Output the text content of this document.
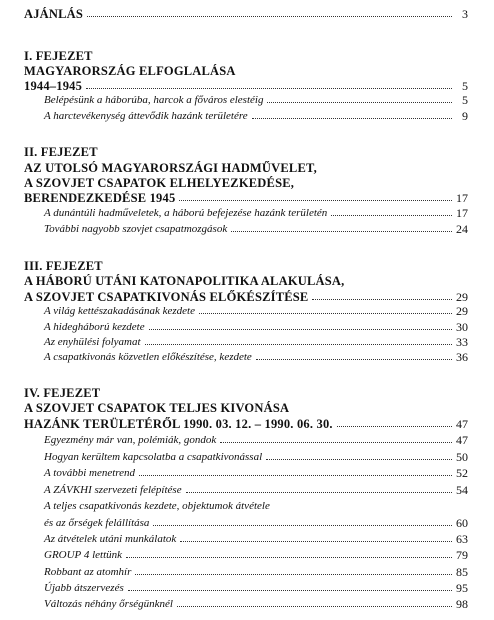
AJÁNLÁS	3
I. FEJEZET
MAGYARORSZÁG ELFOGLALÁSA
1944–1945	5
Belépésünk a háborúba, harcok a főváros elestéig	5
A harctevékenység áttevődik hazánk területére	9
II. FEJEZET
AZ UTOLSÓ MAGYARORSZÁGI HADMŰVELET,
A SZOVJET CSAPATOK ELHELYEZKEDÉSE,
BERENDEZKEDÉSE 1945	17
A dunántúli hadműveletek, a háború befejezése hazánk területén	17
További nagyobb szovjet csapatmozgások	24
III. FEJEZET
A HÁBORÚ UTÁNI KATONAPOLITIKA ALAKULÁSA,
A SZOVJET CSAPATKIVONÁS ELŐKÉSZÍTÉSE	29
A világ kettészakadásának kezdete	29
A hidegháború kezdete	30
Az enyhülési folyamat	33
A csapatkivonás közvetlen előkészítése, kezdete	36
IV. FEJEZET
A SZOVJET CSAPATOK TELJES KIVONÁSA
HAZÁNK TERÜLETÉRŐL 1990. 03. 12. – 1990. 06. 30.	47
Egyezmény már van, polémiák, gondok	47
Hogyan kerültem kapcsolatba a csapatkivonással	50
A további menetrend	52
A ZÁVKHI szervezeti felépítése	54
A teljes csapatkivonás kezdete, objektumok átvétele
és az őrségek felállítása	60
Az átvételek utáni munkálatok	63
GROUP 4 lettünk	79
Robbant az atomhír	85
Újabb átszervezés	95
Változás néhány őrségünknél	98
